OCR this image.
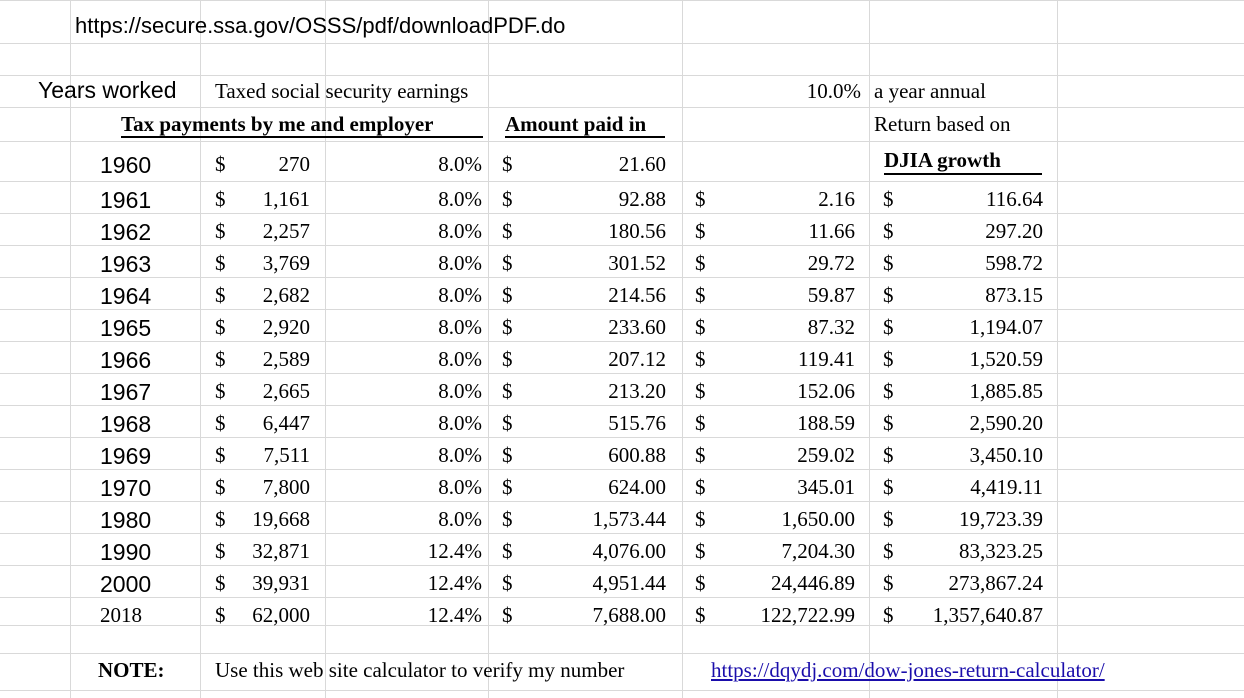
https://secure.ssa.gov/OSSS/pdf/downloadPDF.do
Years worked Taxed social security earnings	10.0% a year annual
Tax payments by me and employer	Amount paid in	Return based on
DJIA growth
1960	$	270	8.0% $	21.60
1961	$	1,161	8.0% $	92.88 $	2.16 $	116.64
1962	$	2,257	8.0% $	180.56 $	11.66 $	297.20
1963	$	3,769	8.0% $	301.52 $	29.72 $	598.72
1964	$	2,682	8.0% $	214.56 $	59.87 $	873.15
1965	$	2,920	8.0% $	233.60 $	87.32 $	1,194.07
1966	$	2,589	8.0% $	207.12 $	119.41 $	1,520.59
1967	$	2,665	8.0% $	213.20 $	152.06 $	1,885.85
1968	$	6,447	8.0% $	515.76 $	188.59 $	2,590.20
1969	$	7,511	8.0% $	600.88 $	259.02 $	3,450.10
1970	$	7,800	8.0% $	624.00 $	345.01 $	4,419.11
1980	$	19,668	8.0% $	1,573.44 $	1,650.00 $	19,723.39
1990	$	32,871	12.4% $	4,076.00 $	7,204.30 $	83,323.25
2000	$	39,931	12.4% $	4,951.44 $	24,446.89 $	273,867.24
2018	$	62,000	12.4% $	7,688.00 $	122,722.99 $	1,357,640.87
NOTE: Use this web site calculator to verify my number	https://dqydj.com/dow-jones-return-calculator/
